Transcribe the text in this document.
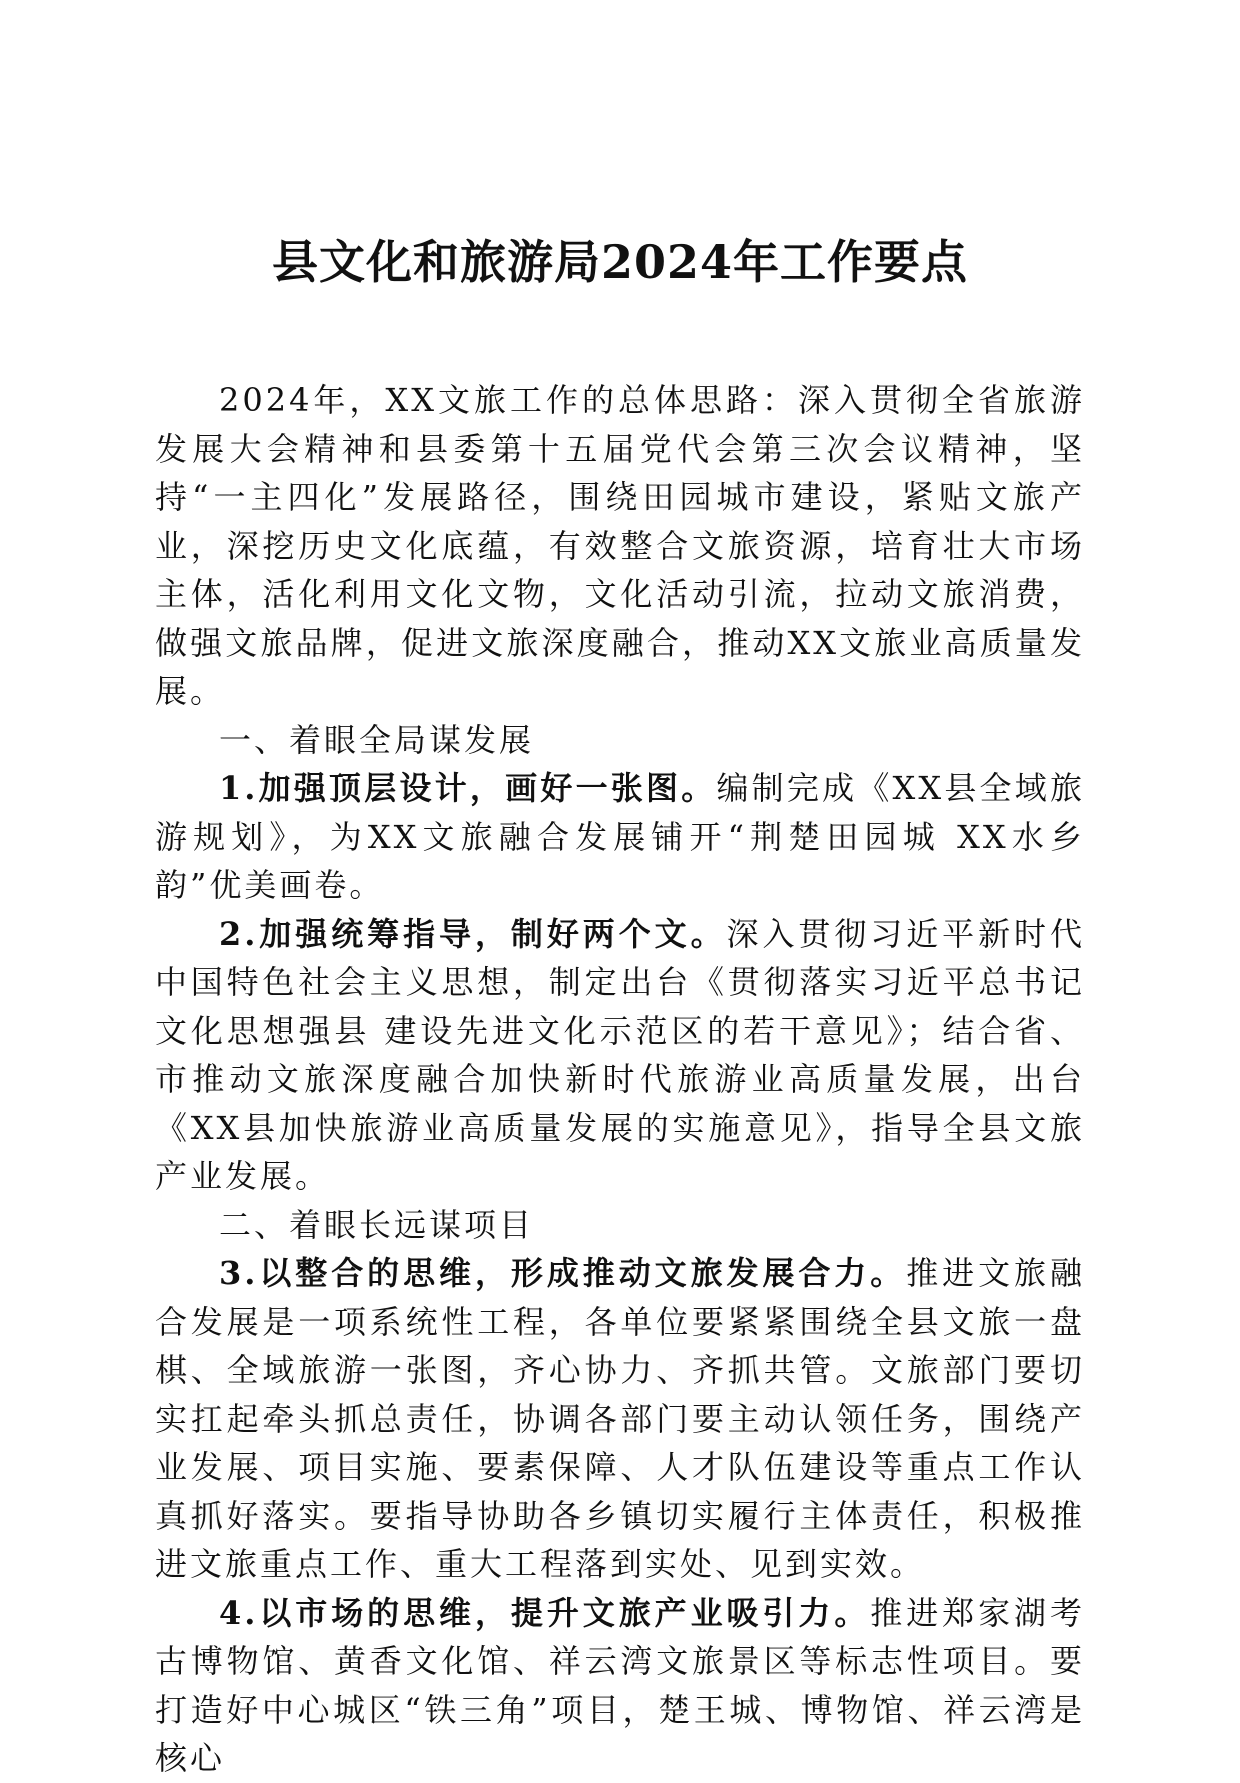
县文化和旅游局2024年工作要点

2024年，XX文旅工作的总体思路：深入贯彻全省旅游发展大会精神和县委第十五届党代会第三次会议精神，坚持“一主四化”发展路径，围绕田园城市建设，紧贴文旅产业，深挖历史文化底蕴，有效整合文旅资源，培育壮大市场主体，活化利用文化文物，文化活动引流，拉动文旅消费，做强文旅品牌，促进文旅深度融合，推动XX文旅业高质量发展。

一、着眼全局谋发展

1.加强顶层设计，画好一张图。编制完成《XX县全域旅游规划》，为XX文旅融合发展铺开“荆楚田园城 XX水乡韵”优美画卷。

2.加强统筹指导，制好两个文。深入贯彻习近平新时代中国特色社会主义思想，制定出台《贯彻落实习近平总书记文化思想强县 建设先进文化示范区的若干意见》；结合省、市推动文旅深度融合加快新时代旅游业高质量发展，出台《XX县加快旅游业高质量发展的实施意见》，指导全县文旅产业发展。

二、着眼长远谋项目

3.以整合的思维，形成推动文旅发展合力。推进文旅融合发展是一项系统性工程，各单位要紧紧围绕全县文旅一盘棋、全域旅游一张图，齐心协力、齐抓共管。文旅部门要切实扛起牵头抓总责任，协调各部门要主动认领任务，围绕产业发展、项目实施、要素保障、人才队伍建设等重点工作认真抓好落实。要指导协助各乡镇切实履行主体责任，积极推进文旅重点工作、重大工程落到实处、见到实效。

4.以市场的思维，提升文旅产业吸引力。推进郑家湖考古博物馆、黄香文化馆、祥云湾文旅景区等标志性项目。要打造好中心城区“铁三角”项目，楚王城、博物馆、祥云湾是核心
